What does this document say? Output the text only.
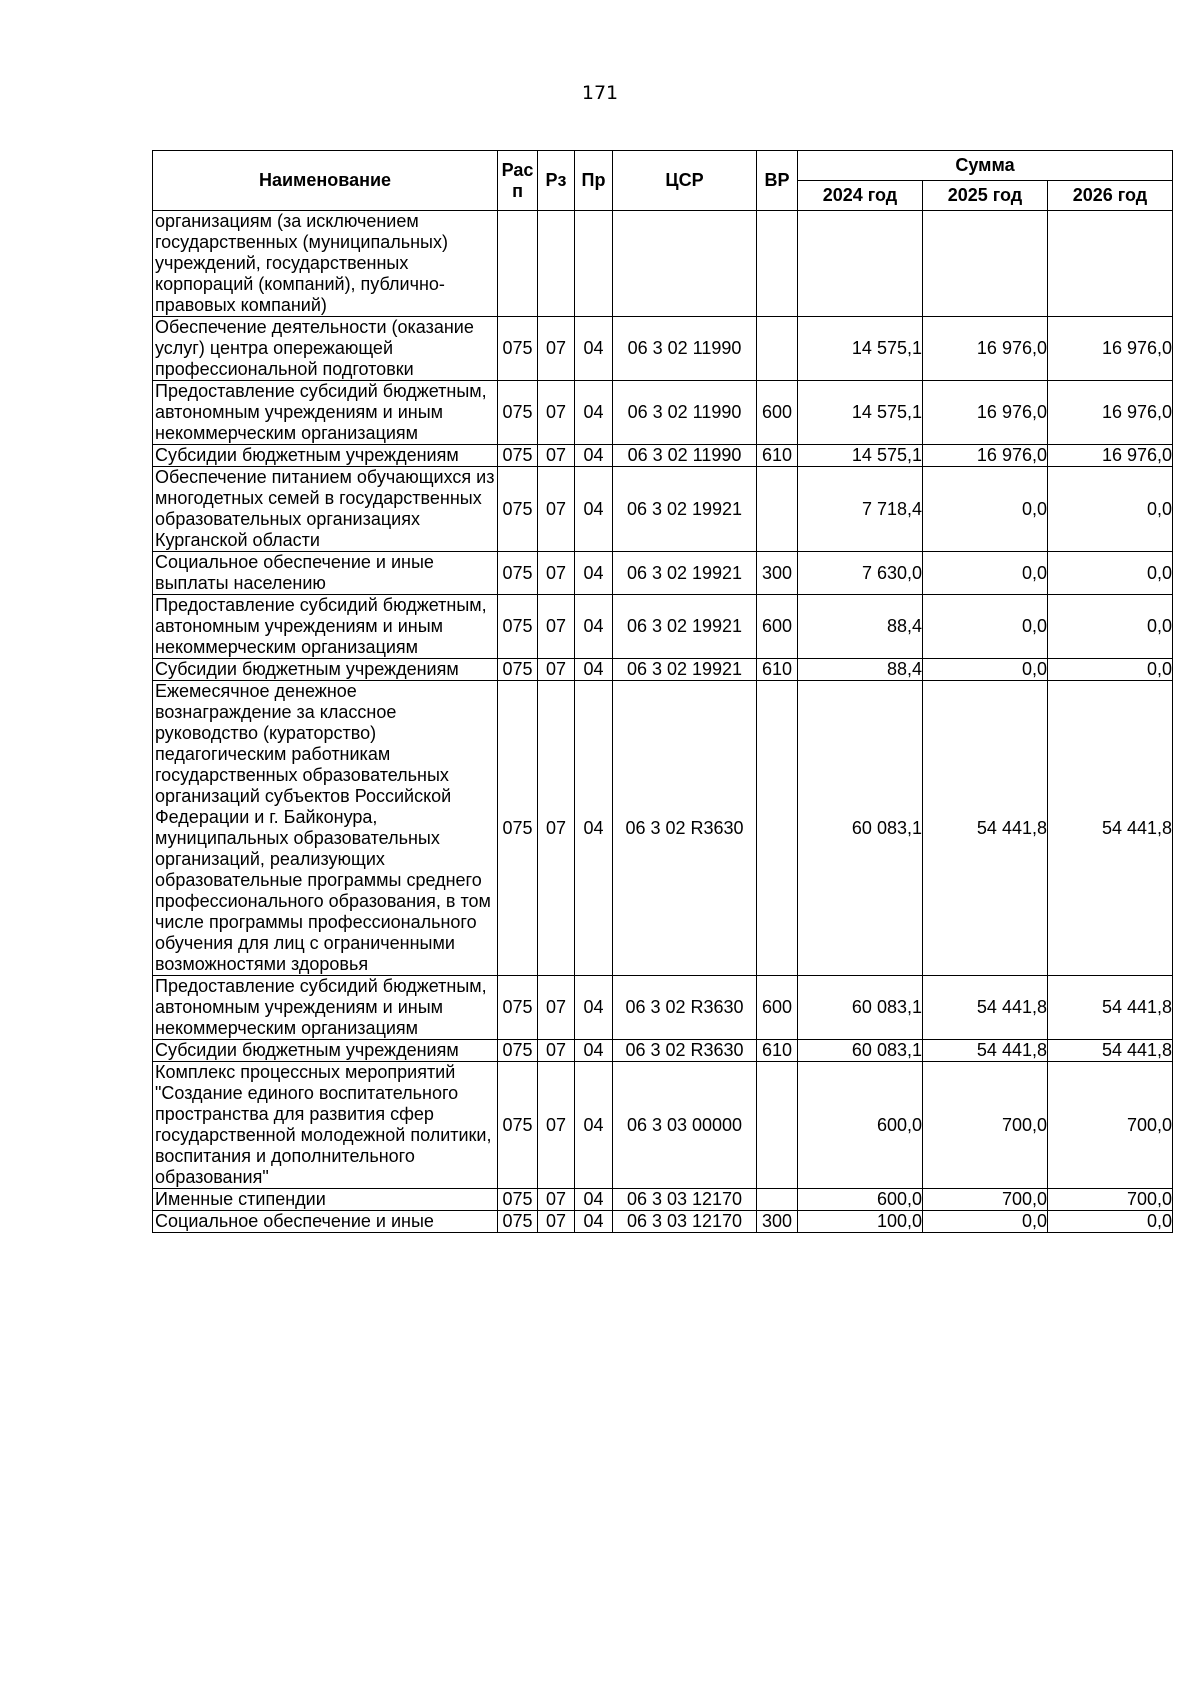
171
Наименование	Рас п	Рз	Пр	ЦСР	ВР	Сумма		
						2024 год	2025 год	2026 год
организациям (за исключением государственных (муниципальных) учреждений, государственных корпораций (компаний), публично-правовых компаний)								
Обеспечение деятельности (оказание услуг) центра опережающей профессиональной подготовки	075	07	04	06 3 02 11990		14 575,1	16 976,0	16 976,0
Предоставление субсидий бюджетным, автономным учреждениям и иным некоммерческим организациям	075	07	04	06 3 02 11990	600	14 575,1	16 976,0	16 976,0
Субсидии бюджетным учреждениям	075	07	04	06 3 02 11990	610	14 575,1	16 976,0	16 976,0
Обеспечение питанием обучающихся из многодетных семей в государственных образовательных организациях Курганской области	075	07	04	06 3 02 19921		7 718,4	0,0	0,0
Социальное обеспечение и иные выплаты населению	075	07	04	06 3 02 19921	300	7 630,0	0,0	0,0
Предоставление субсидий бюджетным, автономным учреждениям и иным некоммерческим организациям	075	07	04	06 3 02 19921	600	88,4	0,0	0,0
Субсидии бюджетным учреждениям	075	07	04	06 3 02 19921	610	88,4	0,0	0,0
Ежемесячное денежное вознаграждение за классное руководство (кураторство) педагогическим работникам государственных образовательных организаций субъектов Российской Федерации и г. Байконура, муниципальных образовательных организаций, реализующих образовательные программы среднего профессионального образования, в том числе программы профессионального обучения для лиц с ограниченными возможностями здоровья	075	07	04	06 3 02 R3630		60 083,1	54 441,8	54 441,8
Предоставление субсидий бюджетным, автономным учреждениям и иным некоммерческим организациям	075	07	04	06 3 02 R3630	600	60 083,1	54 441,8	54 441,8
Субсидии бюджетным учреждениям	075	07	04	06 3 02 R3630	610	60 083,1	54 441,8	54 441,8
Комплекс процессных мероприятий "Создание единого воспитательного пространства для развития сфер государственной молодежной политики, воспитания и дополнительного образования"	075	07	04	06 3 03 00000		600,0	700,0	700,0
Именные стипендии	075	07	04	06 3 03 12170		600,0	700,0	700,0
Социальное обеспечение и иные	075	07	04	06 3 03 12170	300	100,0	0,0	0,0
